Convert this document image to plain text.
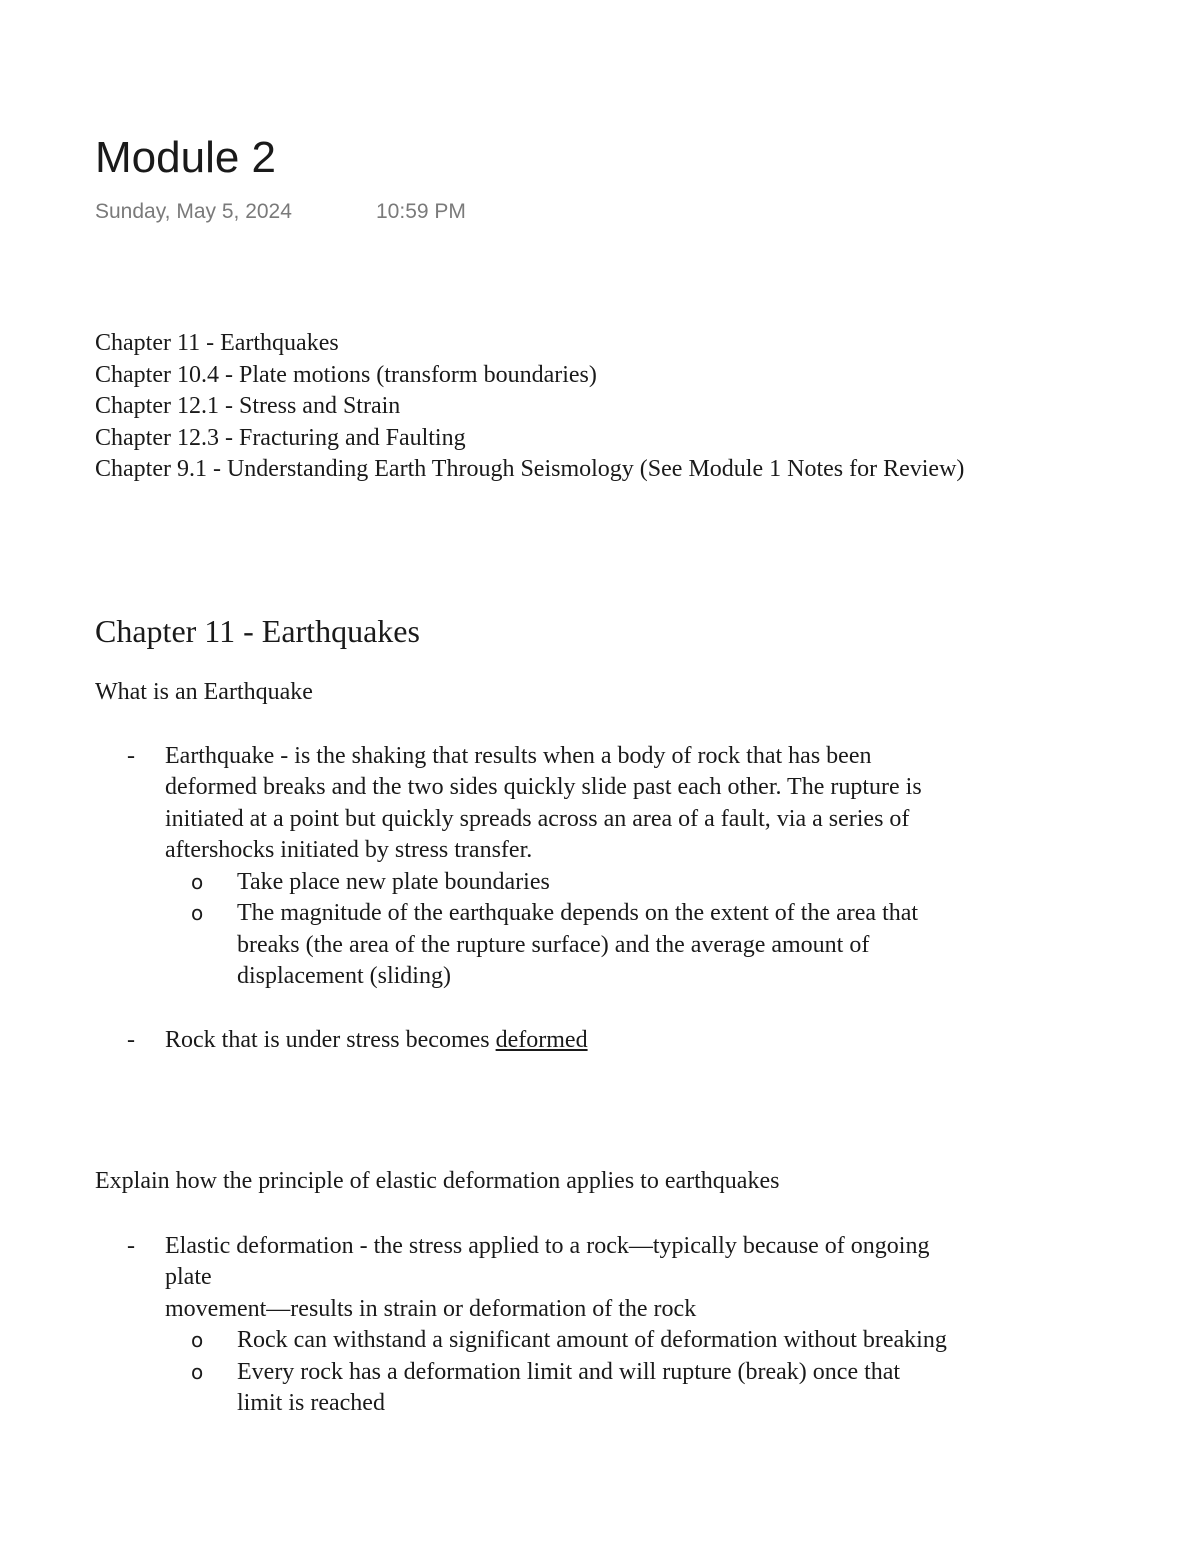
Module 2
Sunday, May 5, 2024	10:59 PM
Chapter 11 - Earthquakes
Chapter 10.4 - Plate motions (transform boundaries)
Chapter 12.1 - Stress and Strain
Chapter 12.3 - Fracturing and Faulting
Chapter 9.1 - Understanding Earth Through Seismology (See Module 1 Notes for Review)
Chapter 11 - Earthquakes
What is an Earthquake
- Earthquake - is the shaking that results when a body of rock that has been
deformed breaks and the two sides quickly slide past each other. The rupture is
initiated at a point but quickly spreads across an area of a fault, via a series of
aftershocks initiated by stress transfer.
o Take place new plate boundaries
o The magnitude of the earthquake depends on the extent of the area that
breaks (the area of the rupture surface) and the average amount of
displacement (sliding)
- Rock that is under stress becomes deformed
Explain how the principle of elastic deformation applies to earthquakes
- Elastic deformation - the stress applied to a rock—typically because of ongoing
plate
movement—results in strain or deformation of the rock
o Rock can withstand a significant amount of deformation without breaking
o Every rock has a deformation limit and will rupture (break) once that
limit is reached
